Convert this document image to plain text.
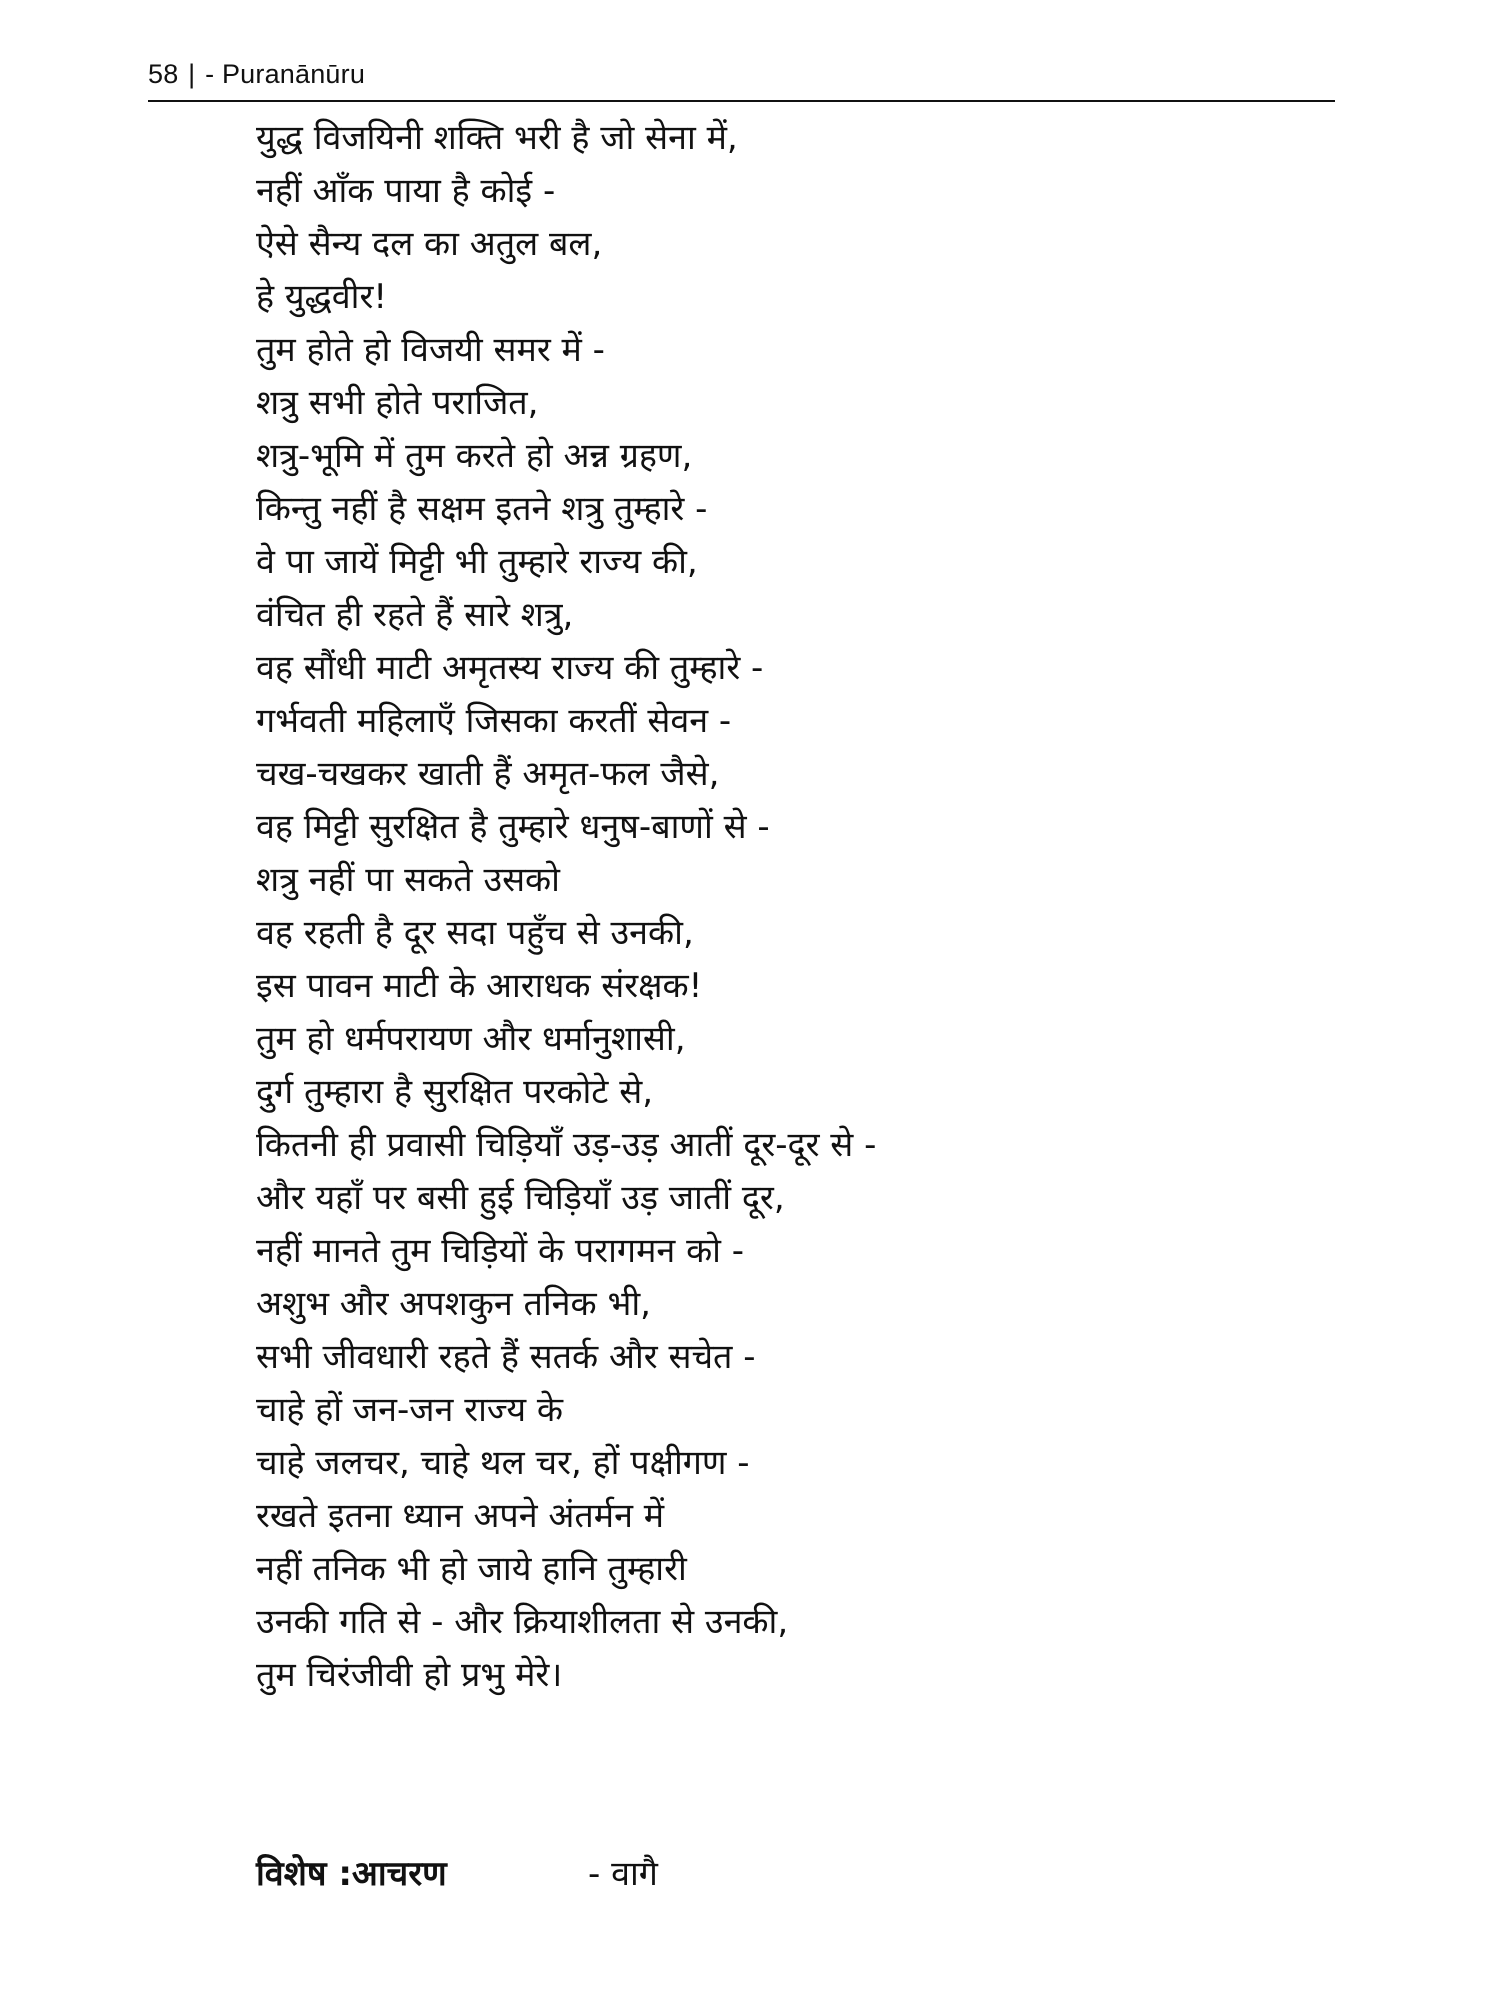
58 | - Puranānūru
युद्ध विजयिनी शक्ति भरी है जो सेना में,
नहीं आँक पाया है कोई -
ऐसे सैन्य दल का अतुल बल,
हे युद्धवीर!
तुम होते हो विजयी समर में -
शत्रु सभी होते पराजित,
शत्रु-भूमि में तुम करते हो अन्न ग्रहण,
किन्तु नहीं है सक्षम इतने शत्रु तुम्हारे -
वे पा जायें मिट्टी भी तुम्हारे राज्य की,
वंचित ही रहते हैं सारे शत्रु,
वह सौंधी माटी अमृतस्य राज्य की तुम्हारे -
गर्भवती महिलाएँ जिसका करतीं सेवन -
चख-चखकर खाती हैं अमृत-फल जैसे,
वह मिट्टी सुरक्षित है तुम्हारे धनुष-बाणों से -
शत्रु नहीं पा सकते उसको
वह रहती है दूर सदा पहुँच से उनकी,
इस पावन माटी के आराधक संरक्षक!
तुम हो धर्मपरायण और धर्मानुशासी,
दुर्ग तुम्हारा है सुरक्षित परकोटे से,
कितनी ही प्रवासी चिड़ियाँ उड़-उड़ आतीं दूर-दूर से -
और यहाँ पर बसी हुई चिड़ियाँ उड़ जातीं दूर,
नहीं मानते तुम चिड़ियों के परागमन को -
अशुभ और अपशकुन तनिक भी,
सभी जीवधारी रहते हैं सतर्क और सचेत -
चाहे हों जन-जन राज्य के
चाहे जलचर, चाहे थल चर, हों पक्षीगण -
रखते इतना ध्यान अपने अंतर्मन में
नहीं तनिक भी हो जाये हानि तुम्हारी
उनकी गति से - और क्रियाशीलता से उनकी,
तुम चिरंजीवी हो प्रभु मेरे।
विशेष :आचरण	- वागै
